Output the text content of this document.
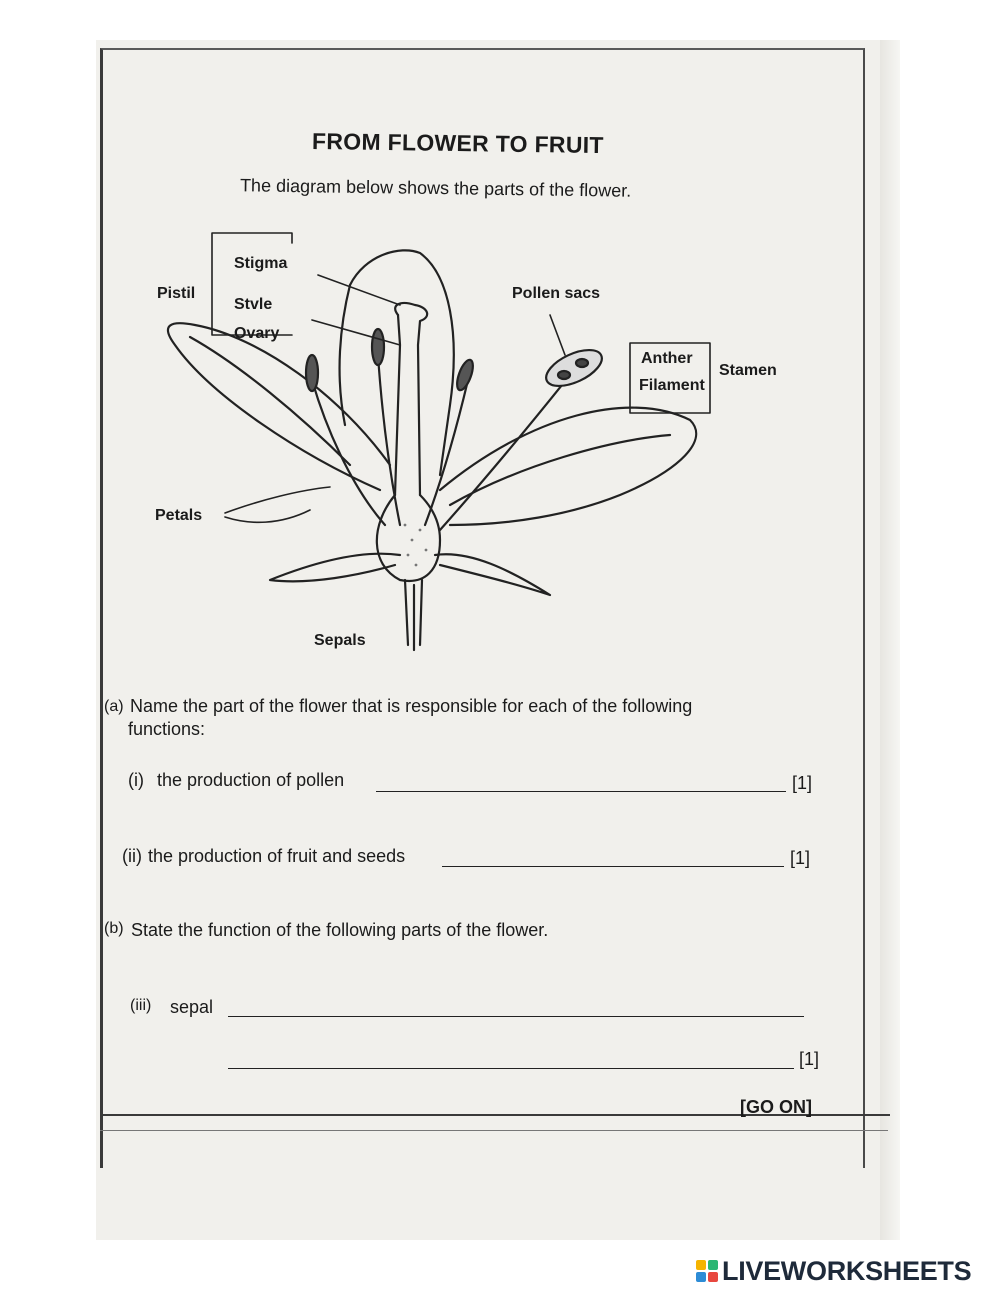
FROM FLOWER TO FRUIT
The diagram below shows the parts of the flower.
Stigma
Stvle
Ovary
Pistil	Pollen sacs
Anther
Filament
Stamen
Petals
Sepals
(a) Name the part of the flower that is responsible for each of the following
functions:
(i) the production of pollen	[1]
(ii) the production of fruit and seeds	[1]
(b) State the function of the following parts of the flower.
(iii) sepal
[1]
[GO ON]
LIVEWORKSHEETS
